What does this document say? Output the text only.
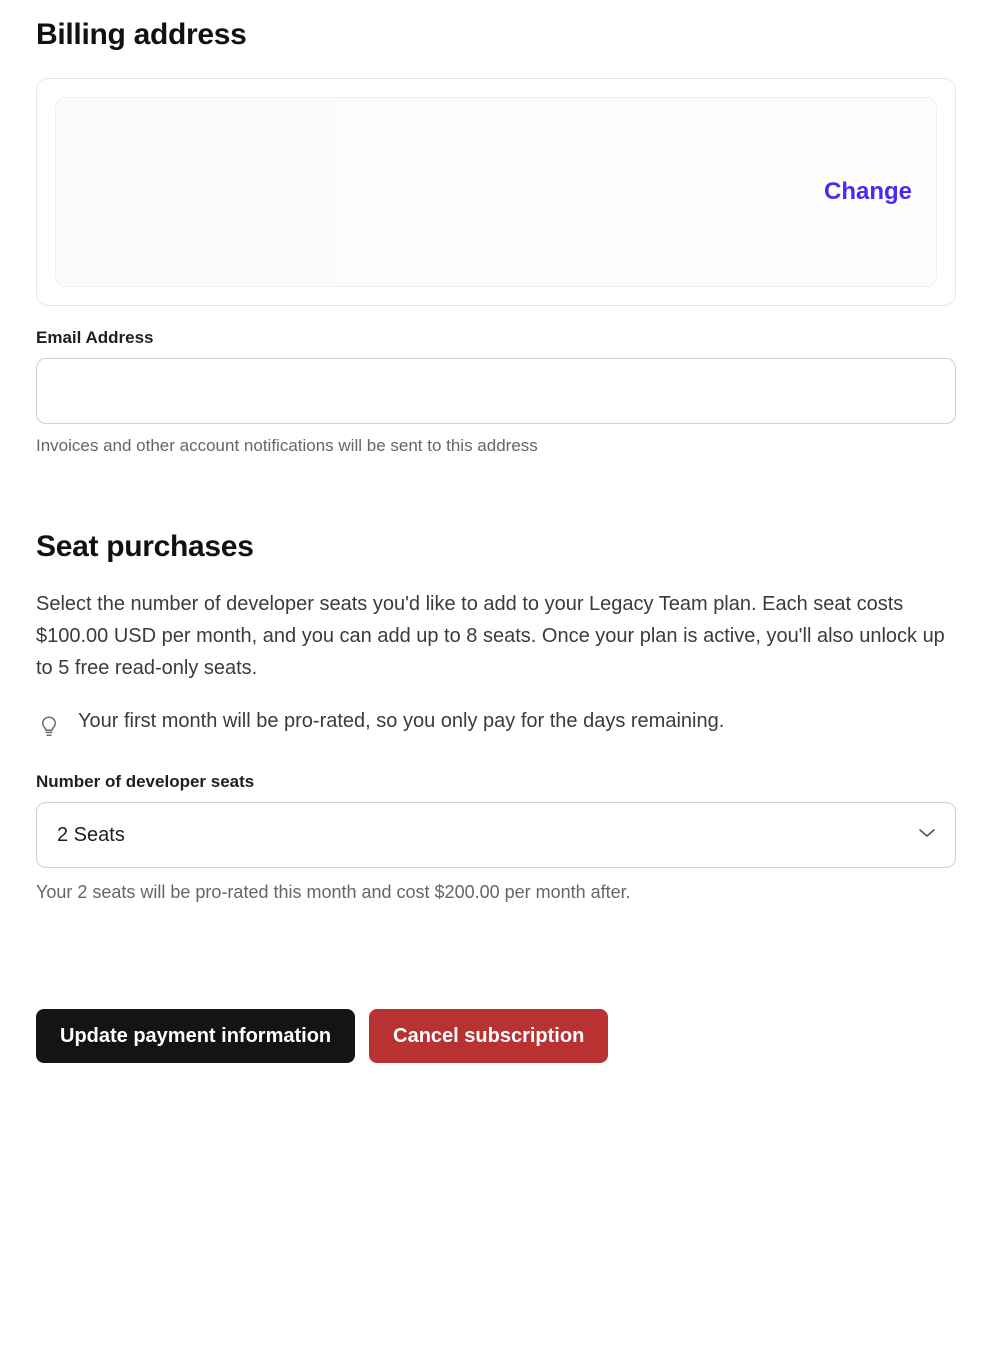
Billing address
Change
Email Address
Invoices and other account notifications will be sent to this address
Seat purchases

Select the number of developer seats you'd like to add to your Legacy Team plan. Each seat costs $100.00 USD per month, and you can add up to 8 seats. Once your plan is active, you'll also unlock up to 5 free read-only seats.

Your first month will be pro-rated, so you only pay for the days remaining.
Number of developer seats
2 Seats
Your 2 seats will be pro-rated this month and cost $200.00 per month after.
Update payment information	Cancel subscription
